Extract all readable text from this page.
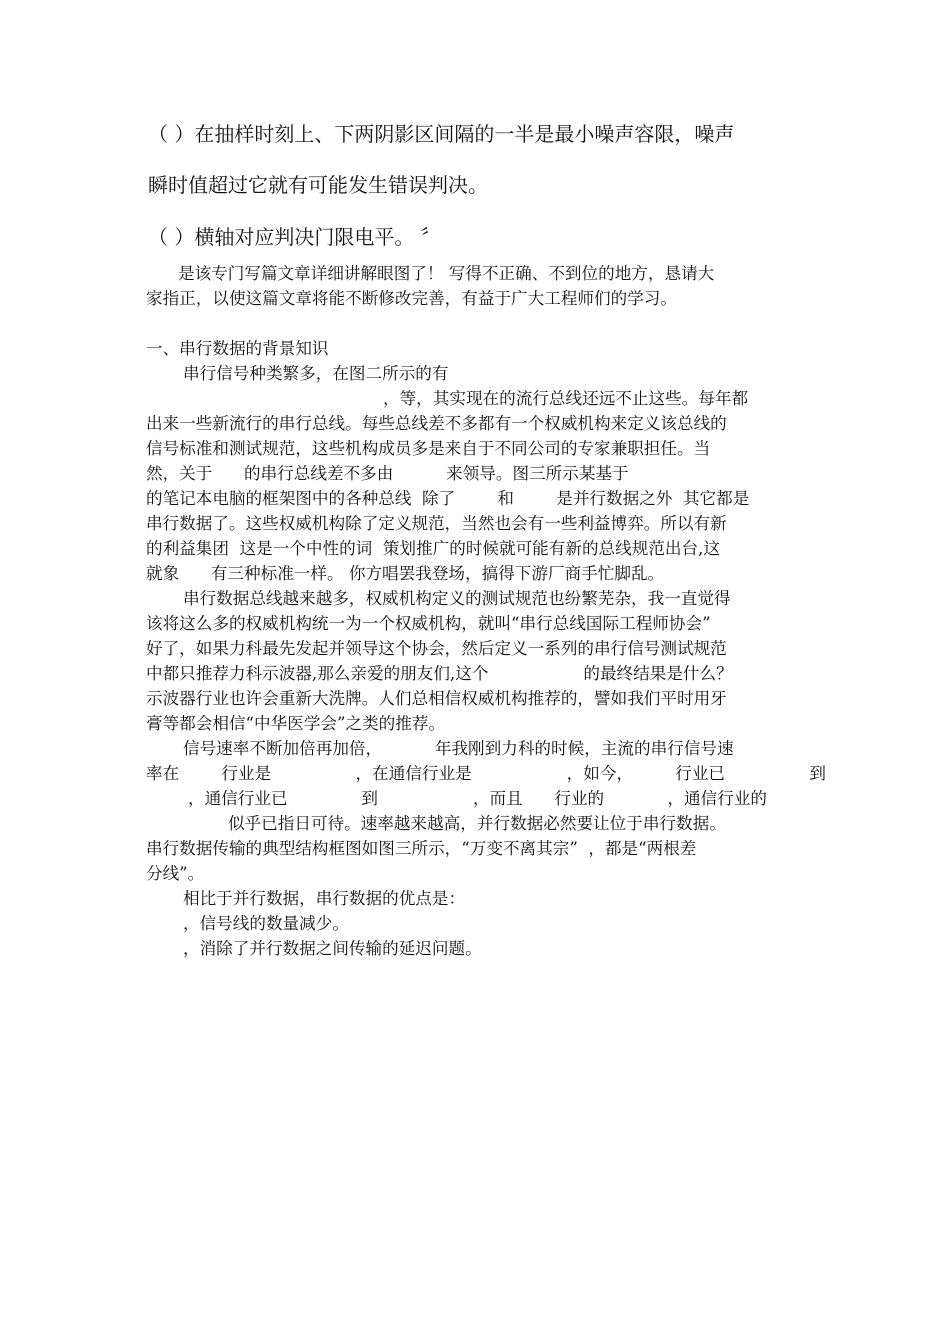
（ ）在抽样时刻上、下两阴影区间隔的一半是最小噪声容限，噪声
瞬时值超过它就有可能发生错误判决。
（ ）横轴对应判决门限电平。 〞
是该专门写篇文章详细讲解眼图了！ 写得不正确、不到位的地方，恳请大
家指正，以使这篇文章将能不断修改完善，有益于广大工程师们的学习。
一、串行数据的背景知识
串行信号种类繁多，在图二所示的有
，等，其实现在的流行总线还远不止这些。每年都
出来一些新流行的串行总线。每些总线差不多都有一个权威机构来定义该总线的
信号标准和测试规范，这些机构成员多是来自于不同公司的专家兼职担任。当
然，关于      的串行总线差不多由          来领导。图三所示某基于
的笔记本电脑的框架图中的各种总线  除了        和        是并行数据之外  其它都是
串行数据了。这些权威机构除了定义规范，当然也会有一些利益博弈。所以有新
的利益集团  这是一个中性的词  策划推广的时候就可能有新的总线规范出台,这
就象      有三种标准一样。 你方唱罢我登场，搞得下游厂商手忙脚乱。
串行数据总线越来越多，权威机构定义的测试规范也纷繁芜杂，我一直觉得
该将这么多的权威机构统一为一个权威机构，就叫“串行总线国际工程师协会”
好了，如果力科最先发起并领导这个协会，然后定义一系列的串行信号测试规范
中都只推荐力科示波器,那么亲爱的朋友们,这个                  的最终结果是什么？
示波器行业也许会重新大洗牌。人们总相信权威机构推荐的，譬如我们平时用牙
膏等都会相信“中华医学会”之类的推荐。
信号速率不断加倍再加倍，          年我刚到力科的时候，主流的串行信号速
率在        行业是                ，在通信行业是                  ，如今，        行业已                到
，通信行业已              到                  ，而且      行业的            ，通信行业的
似乎已指日可待。速率越来越高，并行数据必然要让位于串行数据。
串行数据传输的典型结构框图如图三所示，“万变不离其宗”  ，都是“两根差
分线”。
相比于并行数据，串行数据的优点是：
，信号线的数量减少。
，消除了并行数据之间传输的延迟问题。
